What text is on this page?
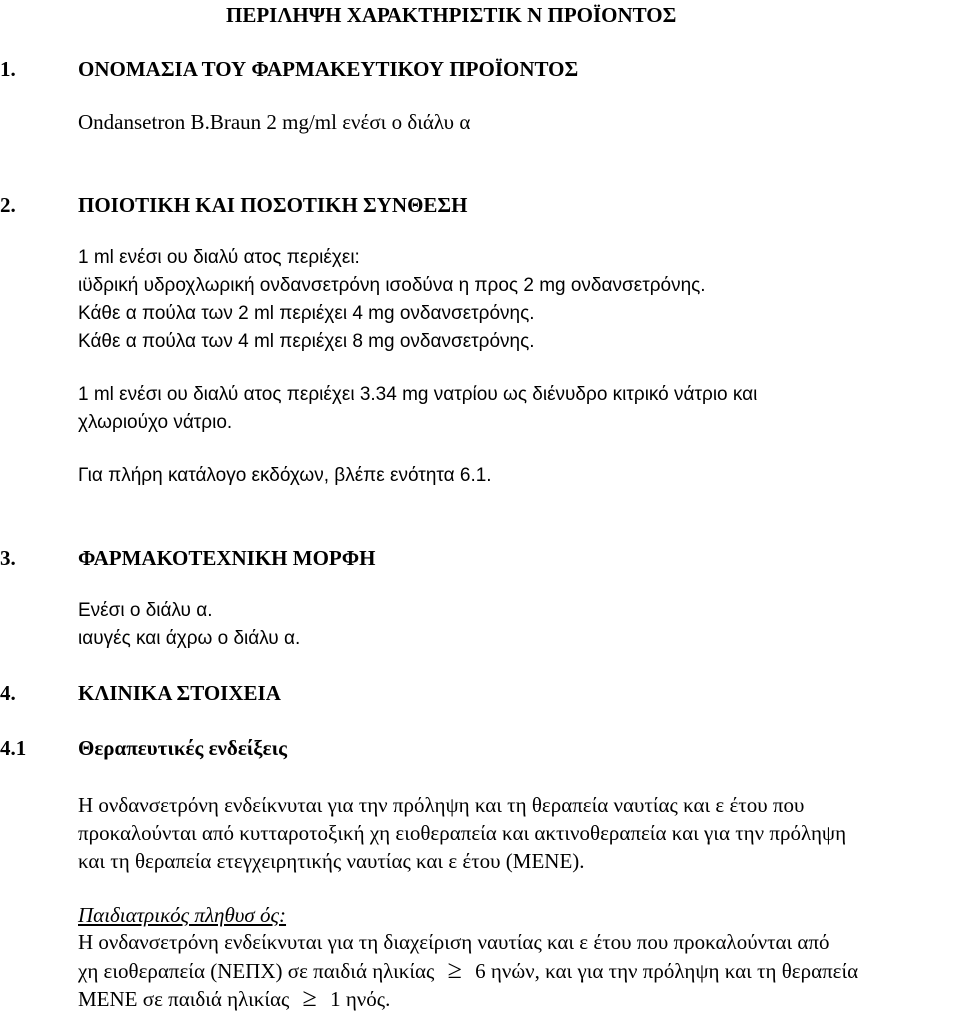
ΠΕΡΙΛΗΨΗ ΧΑΡΑΚΤΗΡΙΣΤΙΚ Ν ΠΡΟΪΟΝΤΟΣ
1.	ΟΝΟΜΑΣΙΑ ΤΟΥ ΦΑΡΜΑΚΕΥΤΙΚΟΥ ΠΡΟΪΟΝΤΟΣ
Ondansetron B.Braun 2 mg/ml ενέσι ο διάλυ α
2.	ΠΟΙΟΤΙΚΗ ΚΑΙ ΠΟΣΟΤΙΚΗ ΣΥΝΘΕΣΗ
1 ml ενέσι ου διαλύ ατος περιέχει:
ιϋδρική υδροχλωρική ονδανσετρόνη ισοδύνα η προς 2 mg ονδανσετρόνης.
Κάθε α πούλα των 2 ml περιέχει 4 mg ονδανσετρόνης.
Κάθε α πούλα των 4 ml περιέχει 8 mg ονδανσετρόνης.
1 ml ενέσι ου διαλύ ατος περιέχει 3.34 mg νατρίου ως διένυδρο κιτρικό νάτριο και
χλωριούχο νάτριο.
Για πλήρη κατάλογο εκδόχων, βλέπε ενότητα 6.1.
3.	ΦΑΡΜΑΚΟΤΕΧΝΙΚΗ ΜΟΡΦΗ
Ενέσι ο διάλυ α.
ιαυγές και άχρω ο διάλυ α.
4.	ΚΛΙΝΙΚΑ ΣΤΟΙΧΕΙΑ
4.1 Θεραπευτικές ενδείξεις
Η ονδανσετρόνη ενδείκνυται για την πρόληψη και τη θεραπεία ναυτίας και ε έτου που
προκαλούνται από κυτταροτοξική χη ειοθεραπεία και ακτινοθεραπεία και για την πρόληψη
και τη θεραπεία ετεγχειρητικής ναυτίας και ε έτου (ΜΕΝΕ).
Παιδιατρικός πληθυσ ός:
Η ονδανσετρόνη ενδείκνυται για τη διαχείριση ναυτίας και ε έτου που προκαλούνται από
χη ειοθεραπεία (ΝΕΠΧ) σε παιδιά ηλικίας ≥ 6 ηνών, και για την πρόληψη και τη θεραπεία
ΜΕΝΕ σε παιδιά ηλικίας ≥ 1 ηνός.
